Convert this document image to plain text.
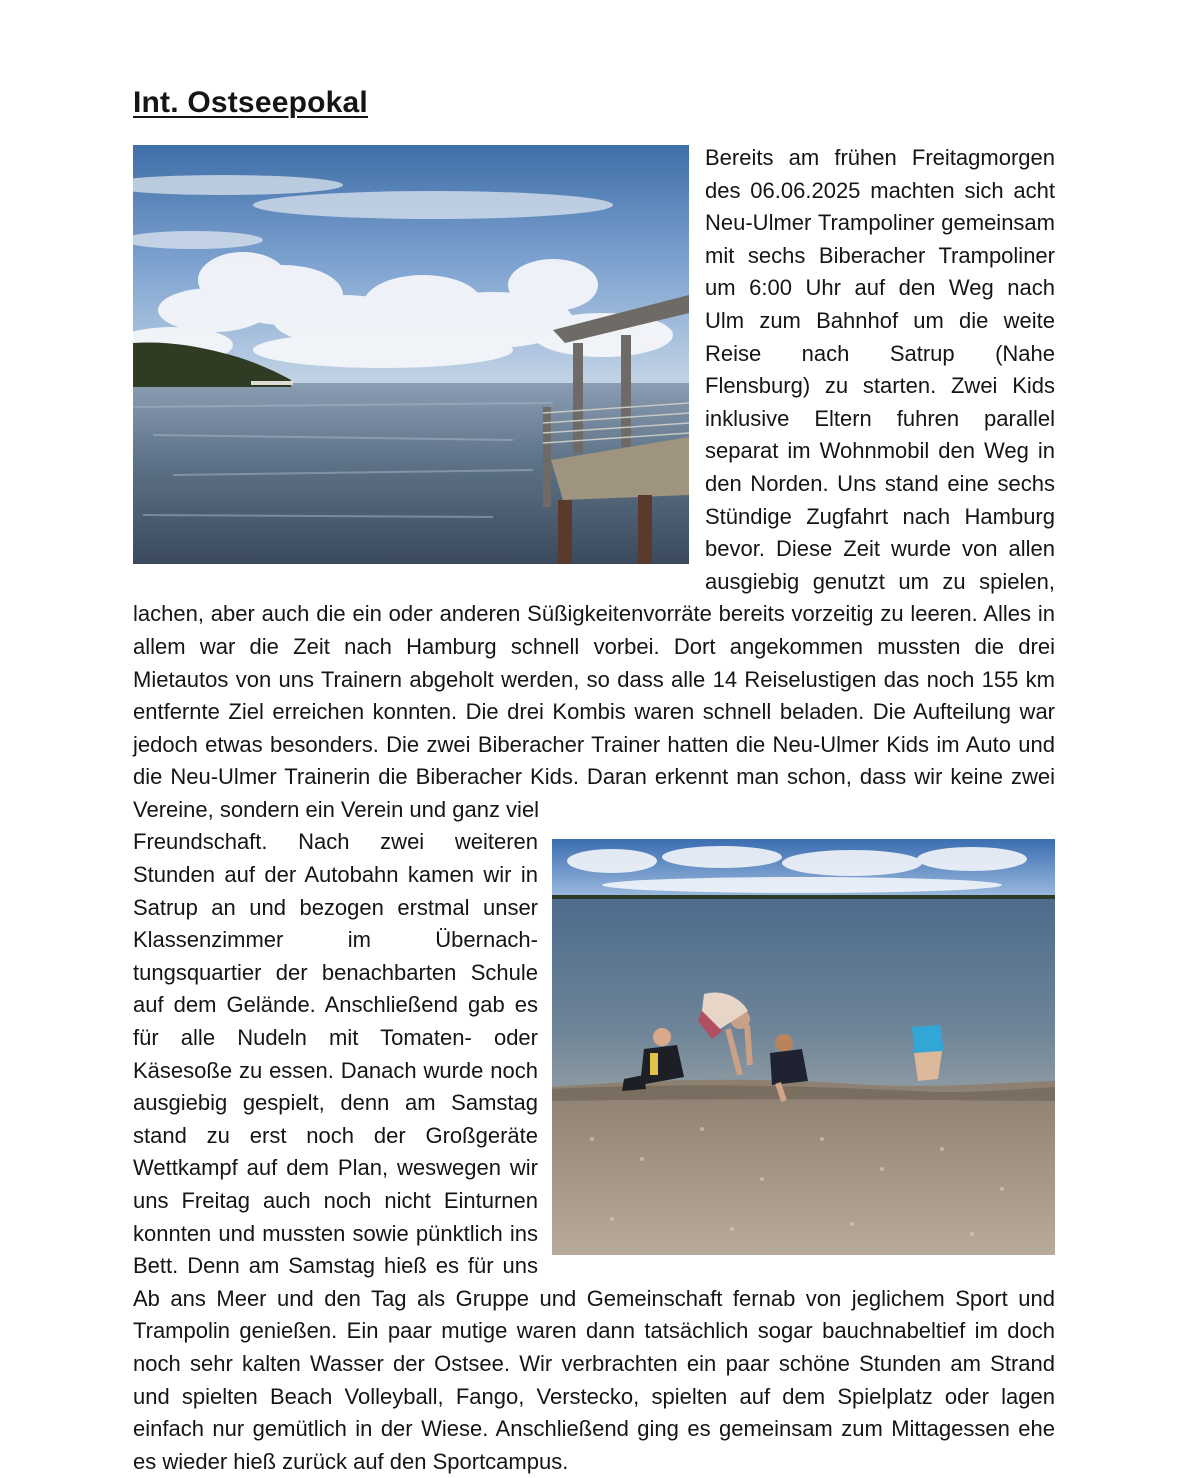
Int. Ostseepokal

Bereits am frühen Freitagmorgen des 06.06.2025 machten sich acht Neu-Ulmer Trampoliner gemeinsam mit sechs Biberacher Trampoliner um 6:00 Uhr auf den Weg nach Ulm zum Bahnhof um die weite Reise nach Satrup (Nahe Flensburg) zu starten. Zwei Kids inklusive Eltern fuhren parallel separat im Wohnmobil den Weg in den Norden. Uns stand eine sechs Stündige Zugfahrt nach Hamburg bevor. Diese Zeit wurde von allen ausgiebig genutzt um zu spielen, lachen, aber auch die ein oder anderen Süßigkeitenvorräte bereits vorzeitig zu leeren. Alles in allem war die Zeit nach Hamburg schnell vorbei. Dort angekommen mussten die drei Mietautos von uns Trainern abgeholt werden, so dass alle 14 Reiselustigen das noch 155 km entfernte Ziel erreichen konnten. Die drei Kombis waren schnell beladen. Die Aufteilung war jedoch etwas besonders. Die zwei Biberacher Trainer hatten die Neu-Ulmer Kids im Auto und die Neu-Ulmer Trainerin die Biberacher Kids. Daran erkennt man schon, dass wir keine zwei Vereine, sondern ein Verein und ganz viel

Freundschaft. Nach zwei weiteren Stunden auf der Autobahn kamen wir in Satrup an und bezogen erstmal unser Klassenzimmer im Übernachtungsquartier der benachbarten Schule auf dem Gelände. Anschließend gab es für alle Nudeln mit Tomaten- oder Käsesoße zu essen. Danach wurde noch ausgiebig gespielt, denn am Samstag stand zu erst noch der Großgeräte Wettkampf auf dem Plan, weswegen wir uns Freitag auch noch nicht Einturnen konnten und mussten sowie pünktlich ins Bett. Denn am Samstag hieß es für uns Ab ans Meer und den Tag als Gruppe und Gemeinschaft fernab von jeglichem Sport und Trampolin genießen. Ein paar mutige waren dann tatsächlich sogar bauchnabeltief im doch noch sehr kalten Wasser der Ostsee. Wir verbrachten ein paar schöne Stunden am Strand und spielten Beach Volleyball, Fango, Versteckо, spielten auf dem Spielplatz oder lagen einfach nur gemütlich in der Wiese. Anschließend ging es gemeinsam zum Mittagessen ehe es wieder hieß zurück auf den Sportcampus.
